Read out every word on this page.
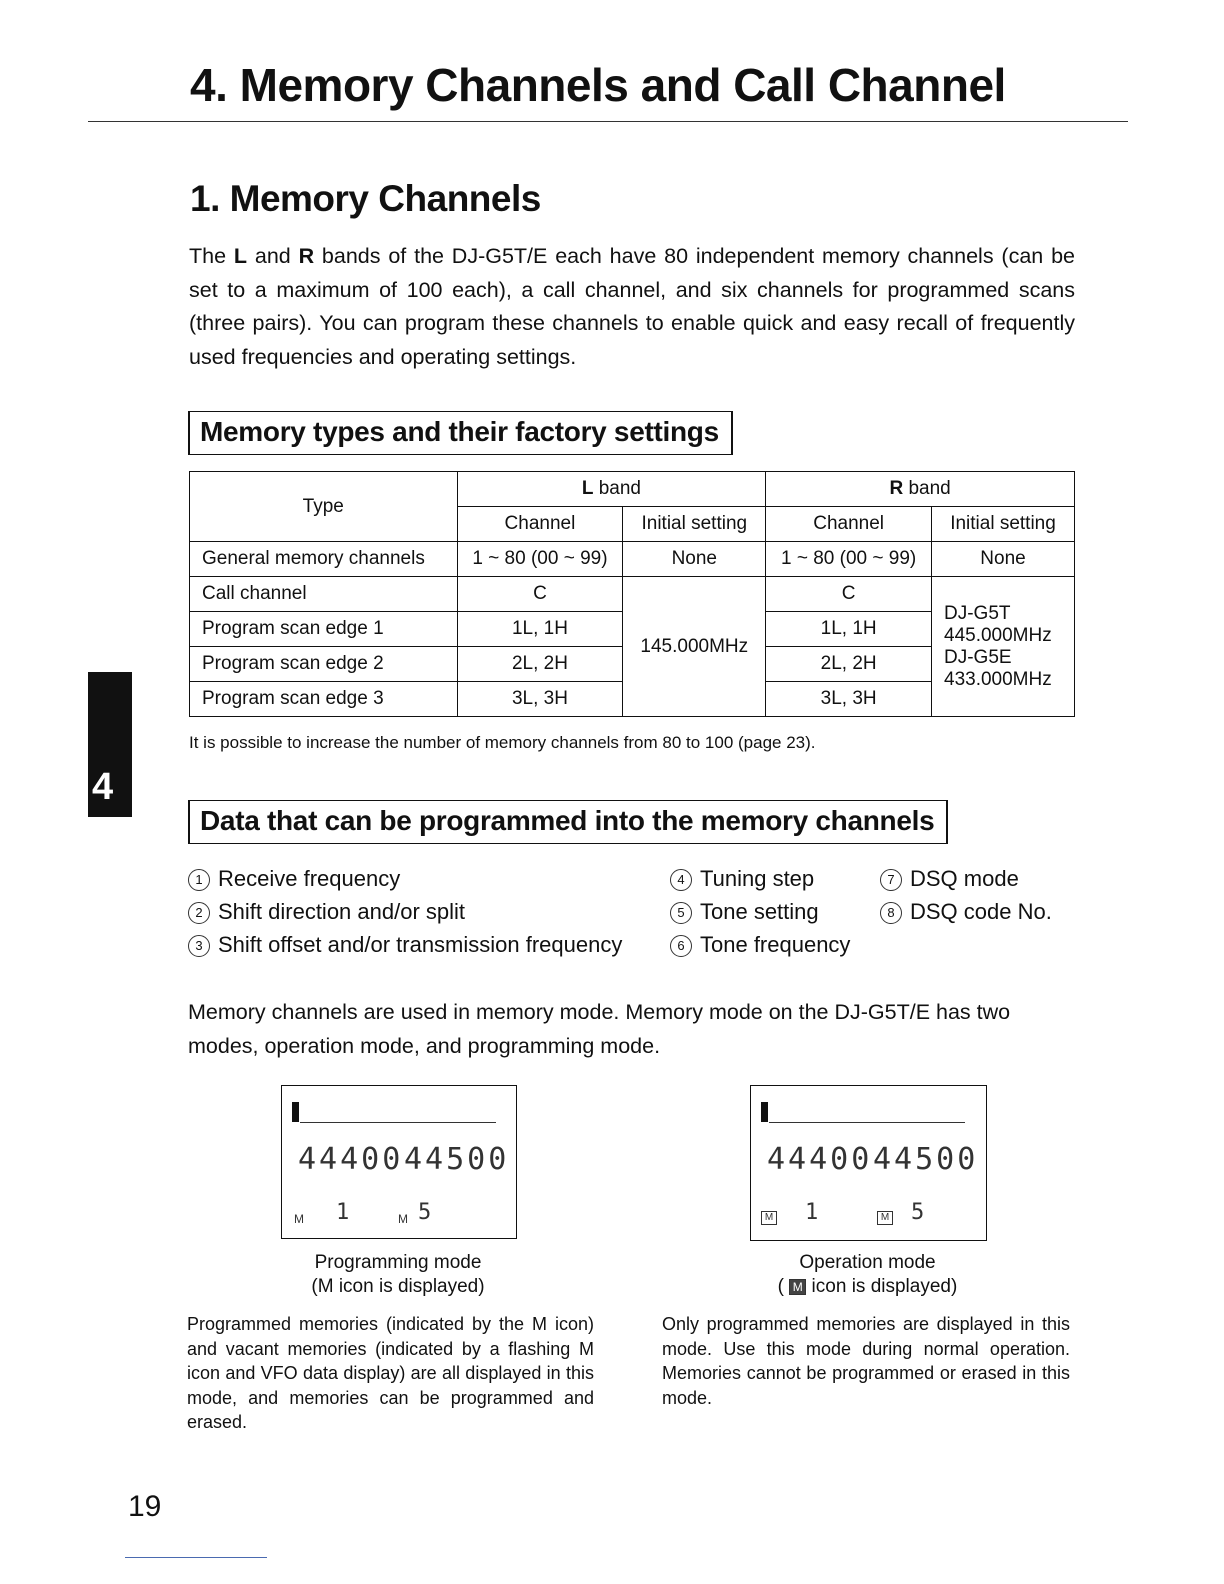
4. Memory Channels and Call Channel
1. Memory Channels
The L and R bands of the DJ-G5T/E each have 80 independent memory channels (can be set to a maximum of 100 each), a call channel, and six channels for programmed scans (three pairs). You can program these channels to enable quick and easy recall of frequently used frequencies and operating settings.
Memory types and their factory settings
Type	L band		R band	
	Channel	Initial setting	Channel	Initial setting
General memory channels	1 ~ 80 (00 ~ 99)	None	1 ~ 80 (00 ~ 99)	None
Call channel	C	145.000MHz	C	DJ-G5T
445.000MHz
DJ-G5E
433.000MHz
Program scan edge 1	1L, 1H		1L, 1H	
Program scan edge 2	2L, 2H		2L, 2H	
Program scan edge 3	3L, 3H		3L, 3H	
It is possible to increase the number of memory channels from 80 to 100 (page 23).
4
Data that can be programmed into the memory channels
1 Receive frequency
2 Shift direction and/or split
3 Shift offset and/or transmission frequency
4 Tuning step
5 Tone setting
6 Tone frequency
7 DSQ mode
8 DSQ code No.
Memory channels are used in memory mode. Memory mode on the DJ-G5T/E has two modes, operation mode, and programming mode.
44400 44500
M 1	M 5
Programming mode
(M icon is displayed)
Programmed memories (indicated by the M icon) and vacant memories (indicated by a flashing M icon and VFO data display) are all displayed in this mode, and memories can be programmed and erased.
44400 44500
M 1	M 5
Operation mode
( M icon is displayed)
Only programmed memories are displayed in this mode. Use this mode during normal operation. Memories cannot be programmed or erased in this mode.
19
